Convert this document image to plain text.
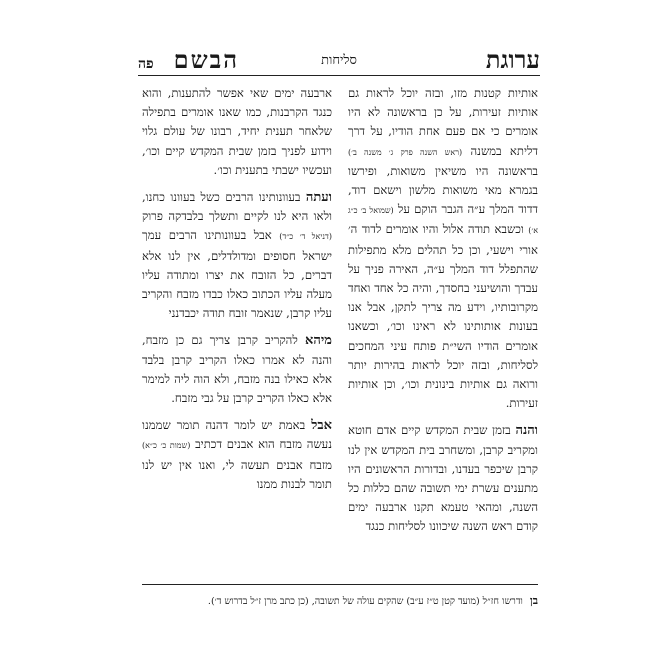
ערוגת
סליחות
הבשם
פה

אותיות קטנות מזו, ובזה יוכל לראות גם אותיות זעירות, על כן בראשונה לא היו אומרים כי אם פעם אחת הודיו, על דרך דליתא במשנה (ראש השנה פרק ג׳ משנה ב׳) בראשונה היו משיאין משואות, ופירשו בגמרא מאי משואות מלשון וישאם דוד, דדוד המלך ע״ה הגבר הוקם על (שמואל ב׳ כ״ג א׳) וכשבא תודה אלול והיו אומרים לדוד ה׳ אורי וישעי, וכן כל תהלים מלא מתפילות שהתפלל דוד המלך ע״ה, האירה פניך על עבדך והושיעני בחסדך, והיה כל אחד ואחד מקרובותיו, וידע מה צריך לתקן, אבל אנו בעונות אותותינו לא ראינו וכו׳, וכשאנו אומרים הודיו השי״ת פותח עיני המחכים לסליחות, ובזה יוכל לראות בהירות יותר ורואה גם אותיות בינונית וכו׳, וכן אותיות זעירות.

והנה בזמן שבית המקדש קיים אדם חוטא ומקריב קרבן, ומשחרב בית המקדש אין לנו קרבן שיכפר בעדנו, ובדורות הראשונים היו מתענים עשרת ימי תשובה שהם כללות כל השנה, ומהאי טעמא תקנו ארבעה ימים קודם ראש השנה שיכוונו לסליחות כנגד

ארבעה ימים שאי אפשר להתענות, והוא כנגד הקרבנות, כמו שאנו אומרים בתפילה שלאחר תענית יחיד, רבונו של עולם גלוי וידוע לפניך בזמן שבית המקדש קיים וכו׳, ועכשיו ישבתי בתענית וכו׳.

ועתה בעוונותינו הרבים כשל בעוונו כחנו, ולאו היא לנו לקיים ותשלך בלבדקה פרוק (דניאל ד׳ כ״ד) אבל בעוונותינו הרבים עמך ישראל חסופים ומדולדלים, אין לנו אלא דברים, כל הזובח את יצרו ומתודה עליו מעלה עליו הכתוב כאלו כבדו מזבח והקריב עליו קרבן, שנאמר זובח תודה יכבדנני

מיהא להקריב קרבן צריך גם כן מזבח, והנה לא אמרו כאלו הקריב קרבן בלבד אלא כאילו בנה מזבח, ולא הוה ליה למימר אלא כאלו הקריב קרבן על גבי מזבח.

אבל באמת יש לומר דהנה תומר שממנו נעשה מזבח הוא אבנים דכתיב (שמות כ׳ כ״א) מזבח אבנים תעשה לי, ואנו אין יש לנו תומר לבנות ממנו

בן ודרשו חז״ל (מועד קטן ט״ז ע״ב) שהקים עולה של תשובה, (כן כתב מרן ז״ל בדרוש ד׳).
